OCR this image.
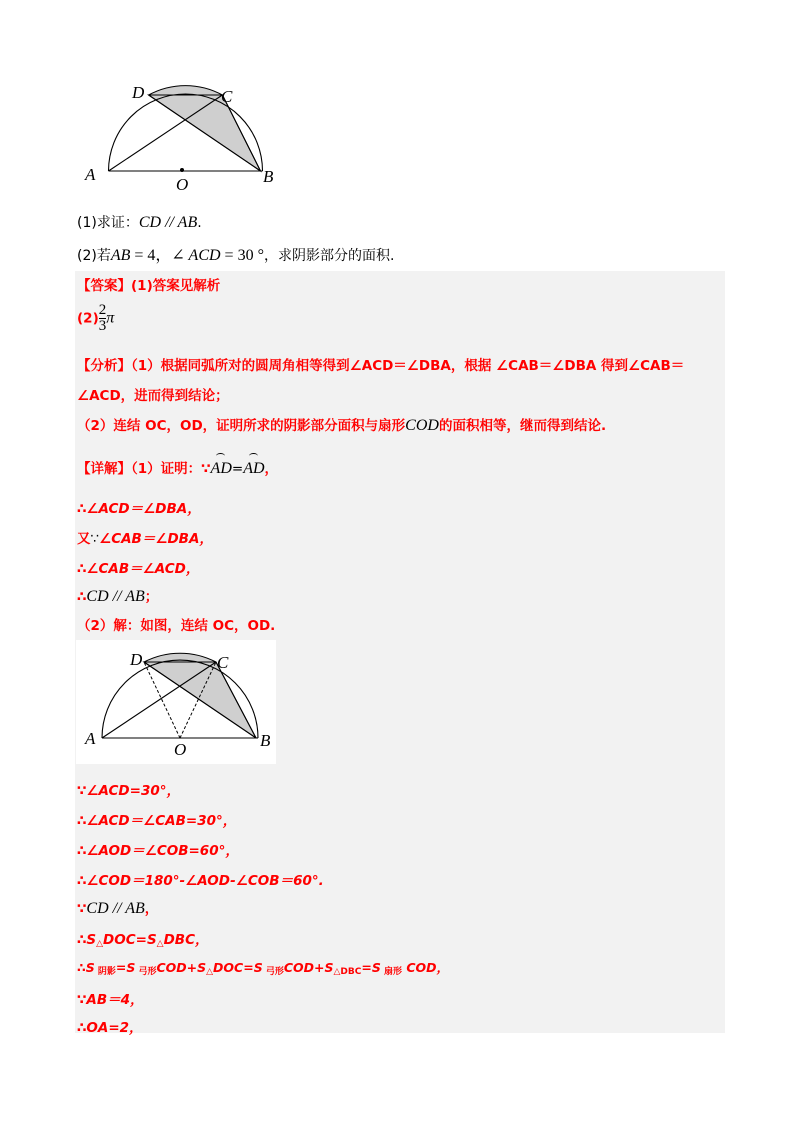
D	C
A
O	B
(1)求证：CD // AB.
(2)若AB = 4，∠ ACD = 30 °，求阴影部分的面积.
【答案】(1)答案见解析
$(2) \frac{2}{3}$ π
【分析】（1）根据同弧所对的圆周角相等得到∠ACD＝∠DBA，根据 ∠CAB＝∠DBA 得到∠CAB＝
∠ACD，进而得到结论；
（2）连结 OC，OD，证明所求的阴影部分面积与扇形COD的面积相等，继而得到结论.
【详解】（1）证明：∵AD=AD，
∴∠ACD＝∠DBA，
又∵∠CAB＝∠DBA，
∴∠CAB＝∠ACD，
∴CD // AB；
（2）解：如图，连结 OC，OD.
D	C
A
O	B
∵∠ACD=30°，
∴∠ACD＝∠CAB=30°，
∴∠AOD＝∠COB=60°，
∴∠COD＝180°-∠AOD-∠COB＝60°.
∵CD // AB，
$\therefore S_\triangle DOC=S_\triangle DBC$，
∴S $_{阴影}$=S $_{弓形}COD+S_\triangle DOC=S$ $_{弓形}COD+S_{\triangle DBC}=S$ $_{扇形}$ COD，
∵AB＝4，
∴OA=2，
